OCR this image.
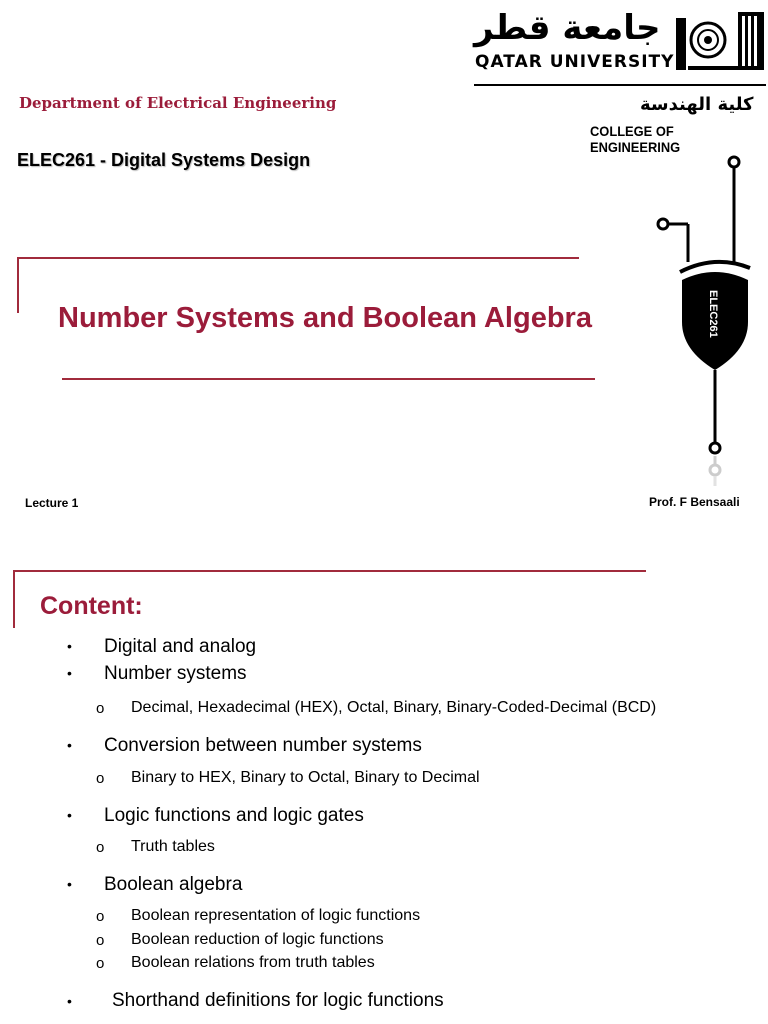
جامعة قطر
QATAR UNIVERSITY
كلية الهندسة
COLLEGE OF ENGINEERING
Department of Electrical Engineering
ELEC261 - Digital Systems Design
Number Systems and Boolean Algebra	ELEC261
Lecture 1	Prof. F Bensaali
Content:
• Digital and analog
• Number systems
o Decimal, Hexadecimal (HEX), Octal, Binary, Binary-Coded-Decimal (BCD)
• Conversion between number systems
o Binary to HEX, Binary to Octal, Binary to Decimal
• Logic functions and logic gates
o Truth tables
• Boolean algebra
o Boolean representation of logic functions
o Boolean reduction of logic functions
o Boolean relations from truth tables
• Shorthand definitions for logic functions
